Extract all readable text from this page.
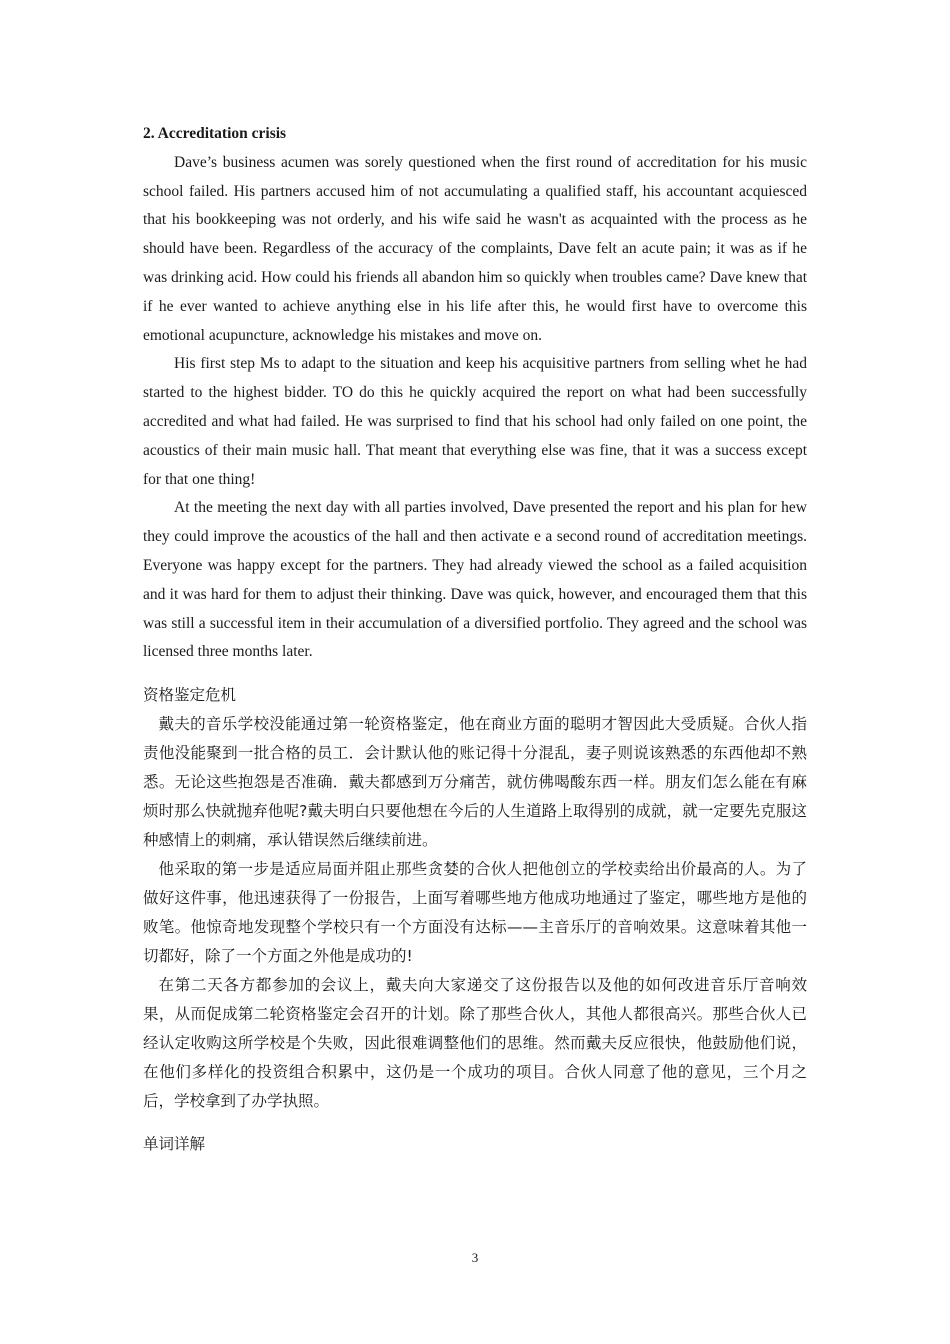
2. Accreditation crisis

Dave’s business acumen was sorely questioned when the first round of accreditation for his music school failed. His partners accused him of not accumulating a qualified staff, his accountant acquiesced that his bookkeeping was not orderly, and his wife said he wasn't as acquainted with the process as he should have been. Regardless of the accuracy of the complaints, Dave felt an acute pain; it was as if he was drinking acid. How could his friends all abandon him so quickly when troubles came? Dave knew that if he ever wanted to achieve anything else in his life after this, he would first have to overcome this emotional acupuncture, acknowledge his mistakes and move on.

His first step Ms to adapt to the situation and keep his acquisitive partners from selling whet he had started to the highest bidder. TO do this he quickly acquired the report on what had been successfully accredited and what had failed. He was surprised to find that his school had only failed on one point, the acoustics of their main music hall. That meant that everything else was fine, that it was a success except for that one thing!

At the meeting the next day with all parties involved, Dave presented the report and his plan for hew they could improve the acoustics of the hall and then activate e a second round of accreditation meetings. Everyone was happy except for the partners. They had already viewed the school as a failed acquisition and it was hard for them to adjust their thinking. Dave was quick, however, and encouraged them that this was still a successful item in their accumulation of a diversified portfolio. They agreed and the school was licensed three months later.

资格鉴定危机

戴夫的音乐学校没能通过第一轮资格鉴定，他在商业方面的聪明才智因此大受质疑。合伙人指责他没能聚到一批合格的员工．会计默认他的账记得十分混乱，妻子则说该熟悉的东西他却不熟悉。无论这些抱怨是否准确．戴夫都感到万分痛苦，就仿佛喝酸东西一样。朋友们怎么能在有麻烦时那么快就抛弃他呢?戴夫明白只要他想在今后的人生道路上取得别的成就，就一定要先克服这种感情上的刺痛，承认错误然后继续前进。

他采取的第一步是适应局面并阻止那些贪婪的合伙人把他创立的学校卖给出价最高的人。为了做好这件事，他迅速获得了一份报告，上面写着哪些地方他成功地通过了鉴定，哪些地方是他的败笔。他惊奇地发现整个学校只有一个方面没有达标——主音乐厅的音响效果。这意味着其他一切都好，除了一个方面之外他是成功的!

在第二天各方都参加的会议上，戴夫向大家递交了这份报告以及他的如何改进音乐厅音响效果，从而促成第二轮资格鉴定会召开的计划。除了那些合伙人，其他人都很高兴。那些合伙人已经认定收购这所学校是个失败，因此很难调整他们的思维。然而戴夫反应很快，他鼓励他们说，在他们多样化的投资组合积累中，这仍是一个成功的项目。合伙人同意了他的意见，三个月之后，学校拿到了办学执照。

单词详解

3
